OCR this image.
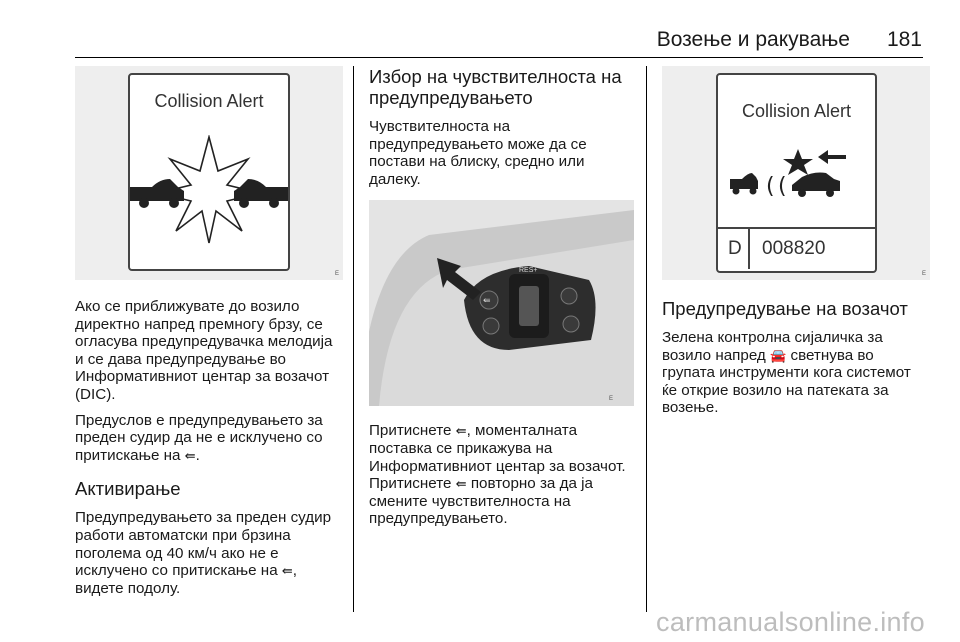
Возење и ракување 181
Collision Alert
E

Ако се приближувате до возило директно напред премногу брзу, се огласува предупредувачка мелодија и се дава предупредување во Информативниот центар за возачот (DIC).

Предуслов е предупредувањето за преден судир да не е исклучено со притискање на ⇚.

Активирање

Предупредувањето за преден судир работи автоматски при брзина поголема од 40 км/ч ако не е исклучено со притискање на ⇚, видете подолу.

Избор на чувствителноста на предупредувањето

Чувствителноста на предупредувањето може да се постави на блиску, средно или далеку.

RES+
⇚
E

Притиснете ⇚, моменталната поставка се прикажува на Информативниот центар за возачот. Притиснете ⇚ повторно за да ја смените чувствителноста на предупредувањето.

Collision Alert
( (
D 008820
E
Предупредување на возачот

Зелена контролна сијаличка за возило напред 🚘 светнува во групата инструменти кога системот ќе открие возило на патеката за возење.

carmanualsonline.info
